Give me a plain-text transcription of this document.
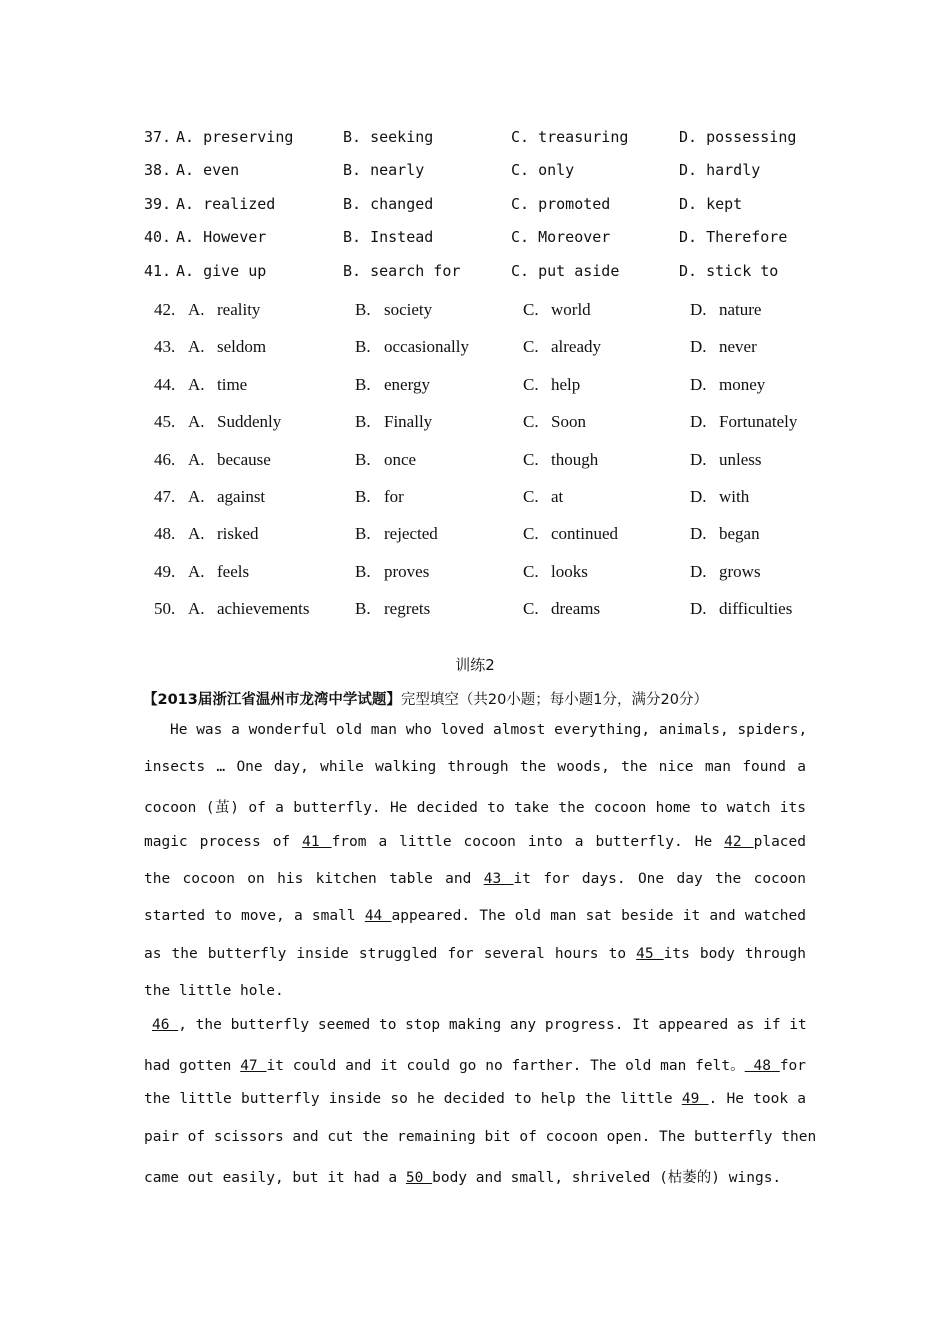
37. A. preserving	B. seeking	C. treasuring	D. possessing
38. A. even	B. nearly	C. only	D. hardly
39. A. realized	B. changed	C. promoted	D. kept
40. A. However	B. Instead	C. Moreover	D. Therefore
41. A. give up	B. search for	C. put aside	D. stick to
42. A. reality	B. society	C. world	D. nature
43. A. seldom	B. occasionally	C. already	D. never
44. A. time	B. energy	C. help	D. money
45. A. Suddenly	B. Finally	C. Soon	D. Fortunately
46. A. because	B. once	C. though	D. unless
47. A. against	B. for	C. at	D. with
48. A. risked	B. rejected	C. continued	D. began
49. A. feels	B. proves	C. looks	D. grows
50. A. achievements	B. regrets	C. dreams	D. difficulties
训练2
【2013届浙江省温州市龙湾中学试题】完型填空（共20小题；每小题1分，满分20分）
He was a wonderful old man who loved almost everything, animals, spiders,
insects … One day, while walking through the woods, the nice man found a
cocoon (茧) of a butterfly. He decided to take the cocoon home to watch its
magic process of 41 from a little cocoon into a butterfly. He 42 placed
the cocoon on his kitchen table and 43 it for days. One day the cocoon
started to move, a small 44 appeared. The old man sat beside it and watched
as the butterfly inside struggled for several hours to 45 its body through
the little hole.
46 , the butterfly seemed to stop making any progress. It appeared as if it
had gotten 47 it could and it could go no farther. The old man felt。 48 for
the little butterfly inside so he decided to help the little 49 . He took a
pair of scissors and cut the remaining bit of cocoon open. The butterfly then
came out easily, but it had a 50 body and small, shriveled (枯萎的) wings.
